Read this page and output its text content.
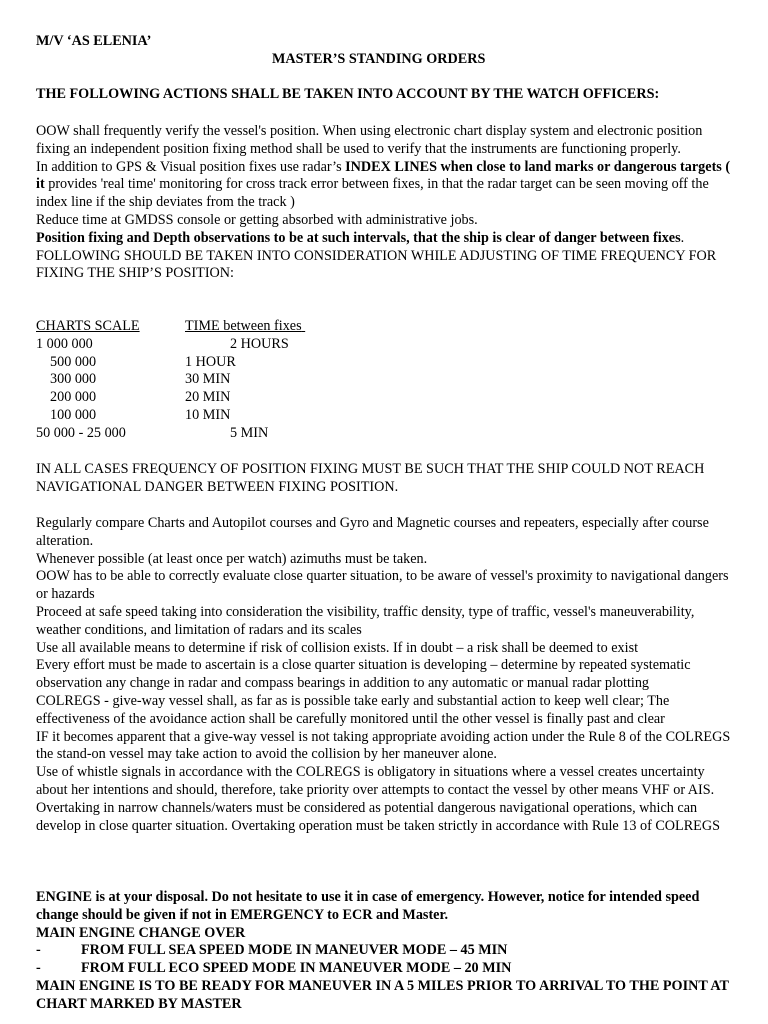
M/V ‘AS ELENIA’
MASTER’S STANDING ORDERS
THE FOLLOWING ACTIONS SHALL BE TAKEN INTO ACCOUNT BY THE WATCH OFFICERS:

OOW shall frequently verify the vessel's position. When using electronic chart display system and electronic position fixing an independent position fixing method shall be used to verify that the instruments are functioning properly.

In addition to GPS & Visual position fixes use radar’s INDEX LINES when close to land marks or dangerous targets ( it provides 'real time' monitoring for cross track error between fixes, in that the radar target can be seen moving off the index line if the ship deviates from the track )

Reduce time at GMDSS console or getting absorbed with administrative jobs.

Position fixing and Depth observations to be at such intervals, that the ship is clear of danger between fixes.

FOLLOWING SHOULD BE TAKEN INTO CONSIDERATION WHILE ADJUSTING OF TIME FREQUENCY FOR FIXING THE SHIP’S POSITION:

CHARTS SCALE	TIME between fixes
1 000 000	2 HOURS
500 000	1 HOUR
300 000	30 MIN
200 000	20 MIN
100 000	10 MIN
50 000 - 25 000	5 MIN

IN ALL CASES FREQUENCY OF POSITION FIXING MUST BE SUCH THAT THE SHIP COULD NOT REACH NAVIGATIONAL DANGER BETWEEN FIXING POSITION.

Regularly compare Charts and Autopilot courses and Gyro and Magnetic courses and repeaters, especially after course alteration.

Whenever possible (at least once per watch) azimuths must be taken.

OOW has to be able to correctly evaluate close quarter situation, to be aware of vessel's proximity to navigational dangers or hazards

Proceed at safe speed taking into consideration the visibility, traffic density, type of traffic, vessel's maneuverability, weather conditions, and limitation of radars and its scales

Use all available means to determine if risk of collision exists. If in doubt – a risk shall be deemed to exist

Every effort must be made to ascertain is a close quarter situation is developing – determine by repeated systematic observation any change in radar and compass bearings in addition to any automatic or manual radar plotting

COLREGS - give-way vessel shall, as far as is possible take early and substantial action to keep well clear; The effectiveness of the avoidance action shall be carefully monitored until the other vessel is finally past and clear

IF it becomes apparent that a give-way vessel is not taking appropriate avoiding action under the Rule 8 of the COLREGS the stand-on vessel may take action to avoid the collision by her maneuver alone.

Use of whistle signals in accordance with the COLREGS is obligatory in situations where a vessel creates uncertainty about her intentions and should, therefore, take priority over attempts to contact the vessel by other means VHF or AIS.

Overtaking in narrow channels/waters must be considered as potential dangerous navigational operations, which can develop in close quarter situation. Overtaking operation must be taken strictly in accordance with Rule 13 of COLREGS

ENGINE is at your disposal. Do not hesitate to use it in case of emergency. However, notice for intended speed change should be given if not in EMERGENCY to ECR and Master.

MAIN ENGINE CHANGE OVER

-	FROM FULL SEA SPEED MODE IN MANEUVER MODE – 45 MIN

-	FROM FULL ECO SPEED MODE IN MANEUVER MODE – 20 MIN

MAIN ENGINE IS TO BE READY FOR MANEUVER IN A 5 MILES PRIOR TO ARRIVAL TO THE POINT AT CHART MARKED BY MASTER
